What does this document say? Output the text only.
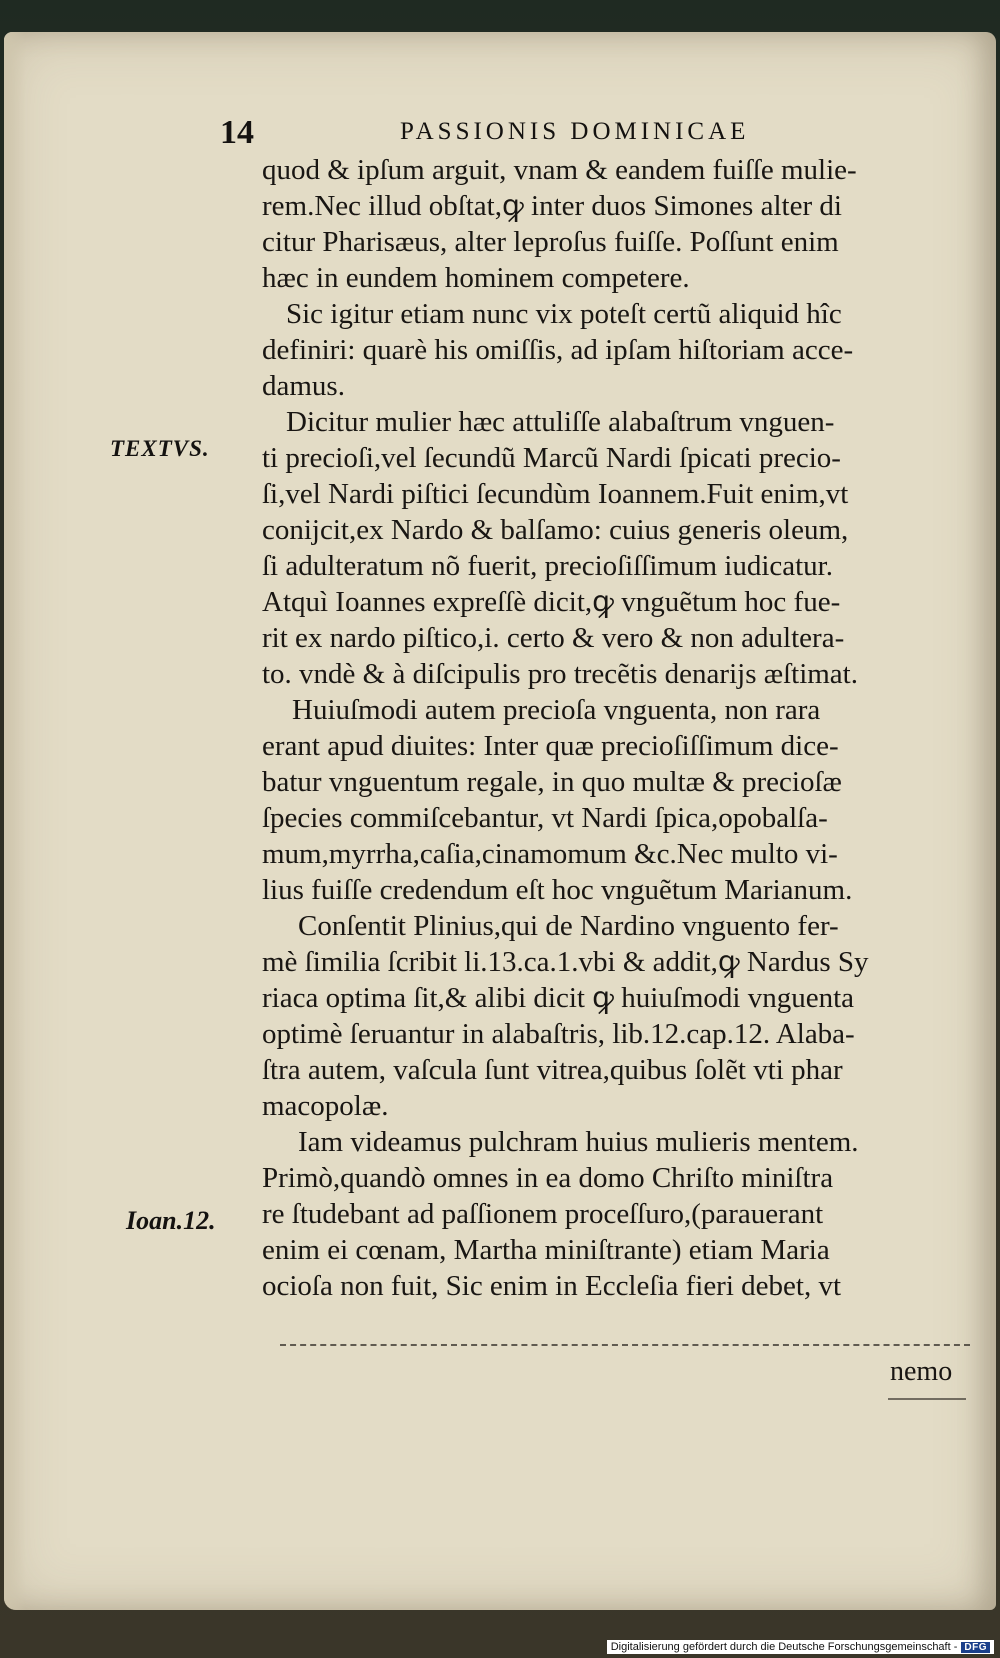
14	PASSIONIS DOMINICAE
TEXTVS.
Ioan.12.
quod & ipſum arguit, vnam & eandem fuiſſe mulie-
rem.Nec illud obſtat,ꝙ inter duos Simones alter di
citur Pharisæus, alter leproſus fuiſſe. Poſſunt enim
hæc in eundem hominem competere.
Sic igitur etiam nunc vix poteſt certũ aliquid hîc
definiri: quarè his omiſſis, ad ipſam hiſtoriam acce-
damus.
Dicitur mulier hæc attuliſſe alabaſtrum vnguen-
ti precioſi,vel ſecundũ Marcũ Nardi ſpicati precio-
ſi,vel Nardi piſtici ſecundùm Ioannem.Fuit enim,vt
conijcit,ex Nardo & balſamo: cuius generis oleum,
ſi adulteratum nõ fuerit, precioſiſſimum iudicatur.
Atquì Ioannes expreſſè dicit,ꝙ vnguẽtum hoc fue-
rit ex nardo piſtico,i. certo & vero & non adultera-
to. vndè & à diſcipulis pro trecẽtis denarijs æſtimat.
Huiuſmodi autem precioſa vnguenta, non rara
erant apud diuites: Inter quæ precioſiſſimum dice-
batur vnguentum regale, in quo multæ & precioſæ
ſpecies commiſcebantur, vt Nardi ſpica,opobalſa-
mum,myrrha,caſia,cinamomum &c.Nec multo vi-
lius fuiſſe credendum eſt hoc vnguẽtum Marianum.
Conſentit Plinius,qui de Nardino vnguento fer-
mè ſimilia ſcribit li.13.ca.1.vbi & addit,ꝙ Nardus Sy
riaca optima ſit,& alibi dicit ꝙ huiuſmodi vnguenta
optimè ſeruantur in alabaſtris, lib.12.cap.12. Alaba-
ſtra autem, vaſcula ſunt vitrea,quibus ſolẽt vti phar
macopolæ.
Iam videamus pulchram huius mulieris mentem.
Primò,quandò omnes in ea domo Chriſto miniſtra
re ſtudebant ad paſſionem proceſſuro,(parauerant
enim ei cœnam, Martha miniſtrante) etiam Maria
ocioſa non fuit, Sic enim in Eccleſia fieri debet, vt
nemo
Digitalisierung gefördert durch die Deutsche Forschungsgemeinschaft - DFG
